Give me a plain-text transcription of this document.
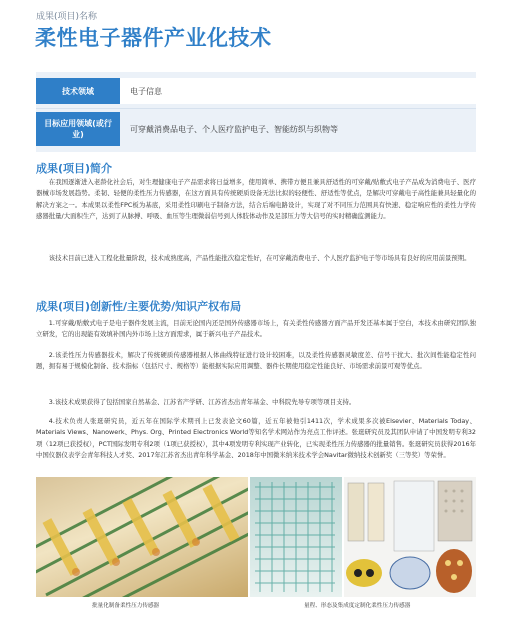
成果(项目)名称
柔性电子器件产业化技术
技术领域	电子信息
目标应用领域(或行业)
可穿戴消费品电子、个人医疗监护电子、智能纺织与织物等
成果(项目)简介
在我国逐渐进入老龄化社会后，对生理健康电子产品需求将日益增多，使用简单、携带方便且兼具舒适性的可穿戴/贴敷式电子产品成为消费电子、医疗器械市场发展趋势。柔韧、轻便的柔性压力传感器，在这方面具有传统硬质设备无法比拟的轻便性、舒适性等优点，是解决可穿戴电子高性能兼具轻量化的解决方案之一。本成果以柔性FPC板为基底，采用柔性印刷电子制备方法，结合后端电路设计，实现了对不同压力范围具有快速、稳定响应性的柔性力学传感器批量/大面积生产，达到了从脉搏、呼吸、血压等生理微弱信号到人体肢体动作及足部压力等大信号的实时精确监测能力。
该技术目前已进入工程化批量阶段，技术成熟度高，产品性能批次稳定性好，在可穿戴消费电子、个人医疗监护电子等市场具有良好的应用前景预期。
成果(项目)创新性/主要优势/知识产权布局
1.可穿戴/贴敷式电子是电子器件发展主流，目前无论国内还是国外传感器市场上，有关柔性传感器方面产品开发还基本属于空白，本技术由研究团队独立研发，它的出现能有效填补国内外市场上这方面需求，属于新兴电子产品技术。
2.该柔性压力传感器技术，解决了传统硬质传感器根据人体曲线特征进行设计较困难，以及柔性传感器灵敏度差、信号干扰大、批次间性能稳定性问题，拥有易于规模化制备、技术指标（包括尺寸、规格等）能根据实际应用调整、器件长期使用稳定性能良好、市场需求前景可观等优点。
3.该技术成果获得了包括国家自然基金、江苏省产学研、江苏省杰出青年基金、中科院先导专项等项目支持。
4.技术负责人张珽研究员，近五年在国际学术期刊上已发表论文60篇，近五年被他引1411次，学术成果多次被Elsevier、Materials Today、Materials Views、Nanowerk、Phys. Org、Printed Electronics World等知名学术网站作为亮点工作评述。张珽研究员及其团队申请了中国发明专利32项（12项已获授权），PCT国际发明专利2项（1项已获授权），其中4项发明专利实现产业转化，已实现柔性压力传感器的批量销售。张珽研究员获得2016年中国仪器仪表学会青年科技人才奖、2017年江苏省杰出青年科学基金、2018年中国微米纳米技术学会Navitar微纳技术创新奖（三等奖）等荣誉。
批量化制备柔性压力传感器	量程、形态及集成度定制化柔性压力传感器
